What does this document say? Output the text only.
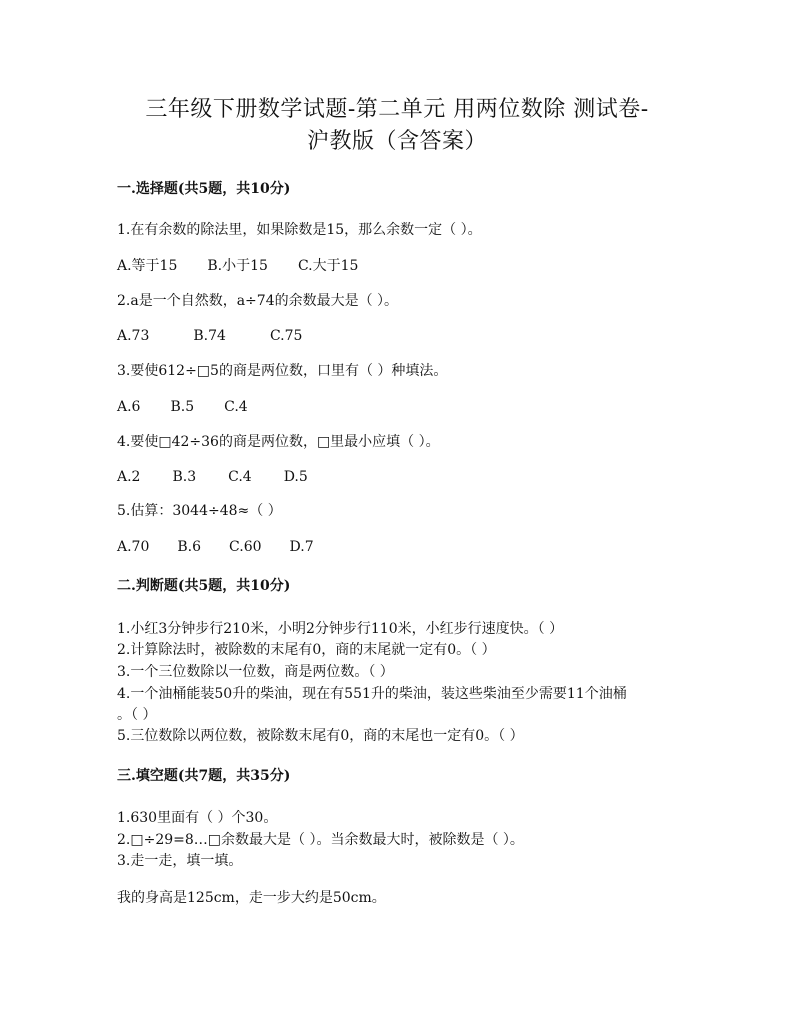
三年级下册数学试题-第二单元 用两位数除 测试卷-
沪教版（含答案）
一.选择题(共5题，共10分)
1.在有余数的除法里，如果除数是15，那么余数一定（ ）。
A.等于15 B.小于15 C.大于15
2.a是一个自然数，a÷74的余数最大是（ ）。
A.73	B.74	C.75
3.要使612÷□5的商是两位数，口里有（ ）种填法。
A.6 B.5 C.4
4.要使□42÷36的商是两位数，□里最小应填（ ）。
A.2 B.3 C.4 D.5
5.估算：3044÷48≈（ ）
A.70 B.6 C.60 D.7
二.判断题(共5题，共10分)
1.小红3分钟步行210米，小明2分钟步行110米，小红步行速度快。（ ）
2.计算除法时，被除数的末尾有0，商的末尾就一定有0。（ ）
3.一个三位数除以一位数，商是两位数。（ ）
4.一个油桶能装50升的柴油，现在有551升的柴油，装这些柴油至少需要11个油桶
。（ ）
5.三位数除以两位数，被除数末尾有0，商的末尾也一定有0。（ ）
三.填空题(共7题，共35分)
1.630里面有（ ）个30。
2.□÷29=8…□余数最大是（ ）。当余数最大时，被除数是（ ）。
3.走一走，填一填。
我的身高是125cm，走一步大约是50cm。
